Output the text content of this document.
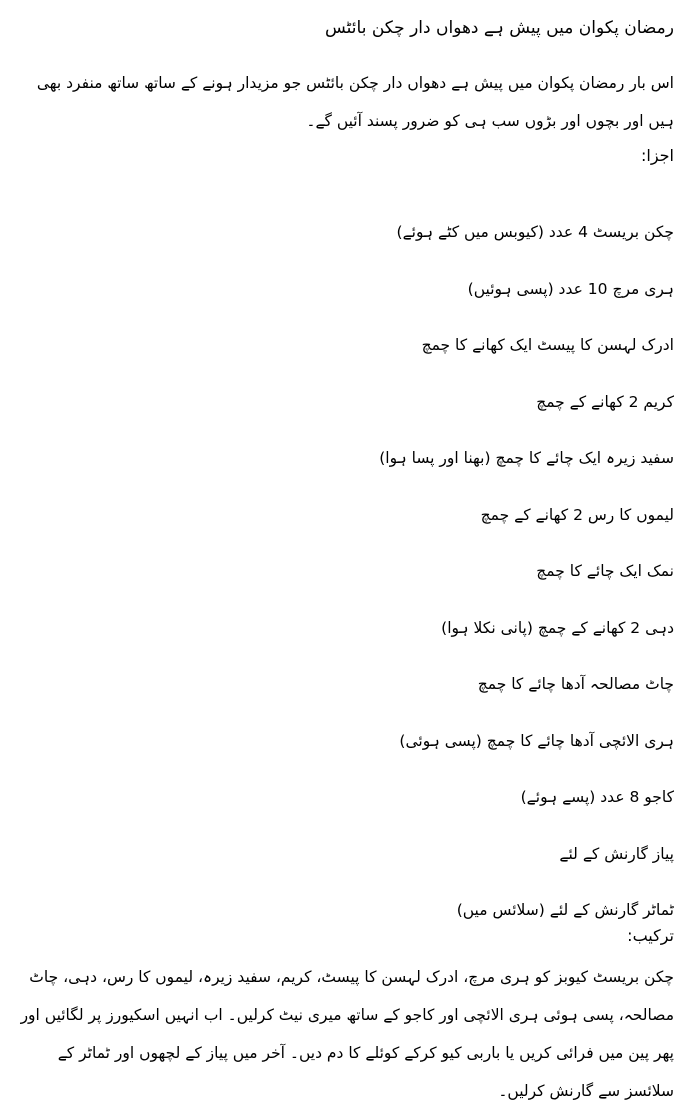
رمضان پکوان میں پیش ہے دھواں دار چکن بائٹس

اس بار رمضان پکوان میں پیش ہے دھواں دار چکن بائٹس جو مزیدار ہونے کے ساتھ ساتھ منفرد بھی ہیں اور بچوں اور بڑوں سب ہی کو ضرور پسند آئیں گے۔

اجزا:
چکن بریسٹ 4 عدد (کیوبس میں کٹے ہوئے)
ہری مرچ 10 عدد (پسی ہوئیں)
ادرک لہسن کا پیسٹ ایک کھانے کا چمچ
کریم 2 کھانے کے چمچ
سفید زیرہ ایک چائے کا چمچ (بھنا اور پسا ہوا)
لیموں کا رس 2 کھانے کے چمچ
نمک ایک چائے کا چمچ
دہی 2 کھانے کے چمچ (پانی نکلا ہوا)
چاٹ مصالحہ آدھا چائے کا چمچ
ہری الائچی آدھا چائے کا چمچ (پسی ہوئی)
کاجو 8 عدد (پسے ہوئے)
پیاز گارنش کے لئے
ٹماٹر گارنش کے لئے (سلائس میں)
ترکیب:

چکن بریسٹ کیوبز کو ہری مرچ، ادرک لہسن کا پیسٹ، کریم، سفید زیرہ، لیموں کا رس، دہی، چاٹ مصالحہ، پسی ہوئی ہری الائچی اور کاجو کے ساتھ میری نیٹ کرلیں۔ اب انہیں اسکیورز پر لگائیں اور پھر پین میں فرائی کریں یا باربی کیو کرکے کوئلے کا دم دیں۔ آخر میں پیاز کے لچھوں اور ٹماٹر کے سلائسز سے گارنش کرلیں۔
